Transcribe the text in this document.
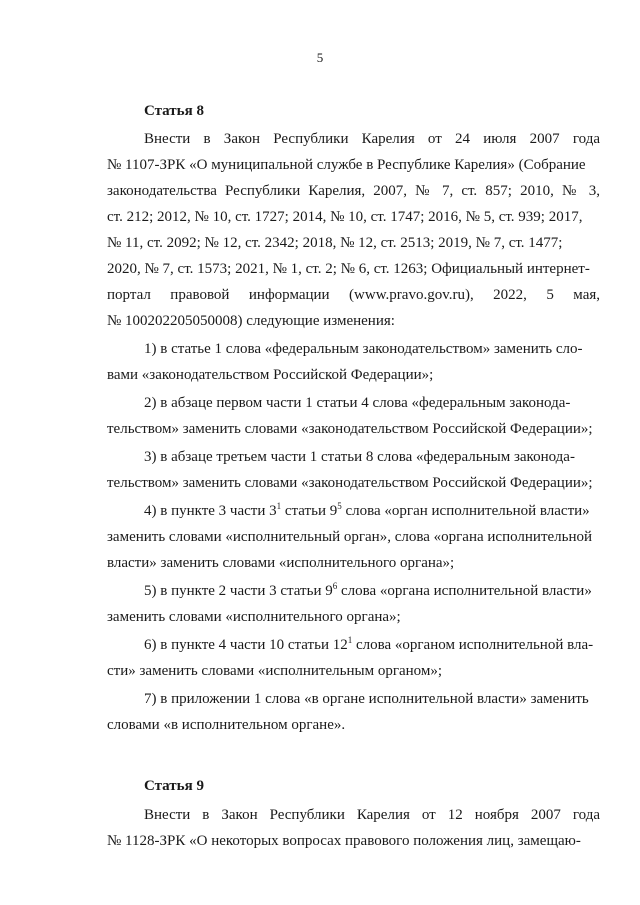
5
Статья 8
Внести в Закон Республики Карелия от 24 июля 2007 года
№ 1107-ЗРК «О муниципальной службе в Республике Карелия» (Собрание
законодательства Республики Карелия, 2007, № 7, ст. 857; 2010, № 3,
ст. 212; 2012, № 10, ст. 1727; 2014, № 10, ст. 1747; 2016, № 5, ст. 939; 2017,
№ 11, ст. 2092; № 12, ст. 2342; 2018, № 12, ст. 2513; 2019, № 7, ст. 1477;
2020, № 7, ст. 1573; 2021, № 1, ст. 2; № 6, ст. 1263; Официальный интернет-
портал правовой информации (www.pravo.gov.ru), 2022, 5 мая,
№ 100202205050008) следующие изменения:
1) в статье 1 слова «федеральным законодательством» заменить сло-
вами «законодательством Российской Федерации»;
2) в абзаце первом части 1 статьи 4 слова «федеральным законода-
тельством» заменить словами «законодательством Российской Федерации»;
3) в абзаце третьем части 1 статьи 8 слова «федеральным законода-
тельством» заменить словами «законодательством Российской Федерации»;
4) в пункте 3 части $3^1$ статьи $9^5$ слова «орган исполнительной власти»
заменить словами «исполнительный орган», слова «органа исполнительной
власти» заменить словами «исполнительного органа»;
5) в пункте 2 части 3 статьи $9^6$ слова «органа исполнительной власти»
заменить словами «исполнительного органа»;
6) в пункте 4 части 10 статьи $12^1$ слова «органом исполнительной вла-
сти» заменить словами «исполнительным органом»;
7) в приложении 1 слова «в органе исполнительной власти» заменить
словами «в исполнительном органе».
Статья 9
Внести в Закон Республики Карелия от 12 ноября 2007 года
№ 1128-ЗРК «О некоторых вопросах правового положения лиц, замещаю-
